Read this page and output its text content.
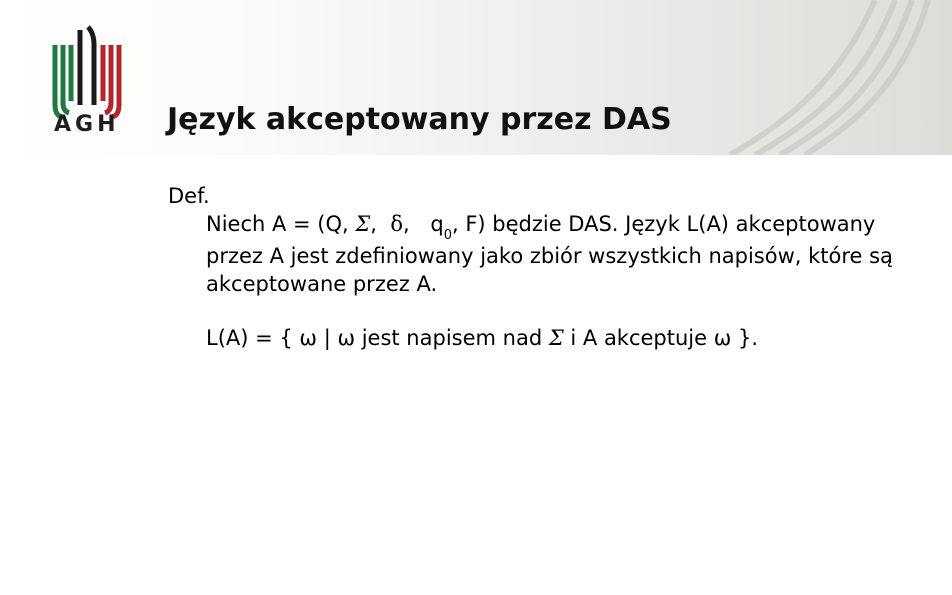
AGH Język akceptowany przez DAS

Def.

Niech A = (Q, Σ, δ, $q_0$, F) będzie DAS. Język L(A) akceptowany

przez A jest zdefiniowany jako zbiór wszystkich napisów, które są

akceptowane przez A.

L(A) = { ω | ω jest napisem nad Σ i A akceptuje ω }.
